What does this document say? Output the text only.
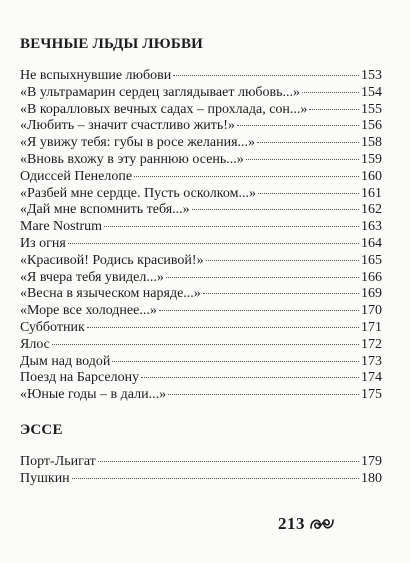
ВЕЧНЫЕ ЛЬДЫ ЛЮБВИ
Не вспыхнувшие любови	153
«В ультрамарин сердец заглядывает любовь...»	154
«В коралловых вечных садах – прохлада, сон...»	155
«Любить – значит счастливо жить!»	156
«Я увижу тебя: губы в росе желания...»	158
«Вновь вхожу в эту раннюю осень...»	159
Одиссей Пенелопе	160
«Разбей мне сердце. Пусть осколком...»	161
«Дай мне вспомнить тебя...»	162
Mare Nostrum	163
Из огня	164
«Красивой! Родись красивой!»	165
«Я вчера тебя увидел...»	166
«Весна в языческом наряде...»	169
«Море все холоднее...»	170
Субботник	171
Ялос	172
Дым над водой	173
Поезд на Барселону	174
«Юные годы – в дали...»	175
ЭССЕ
Порт-Льигат	179
Пушкин	180
213
